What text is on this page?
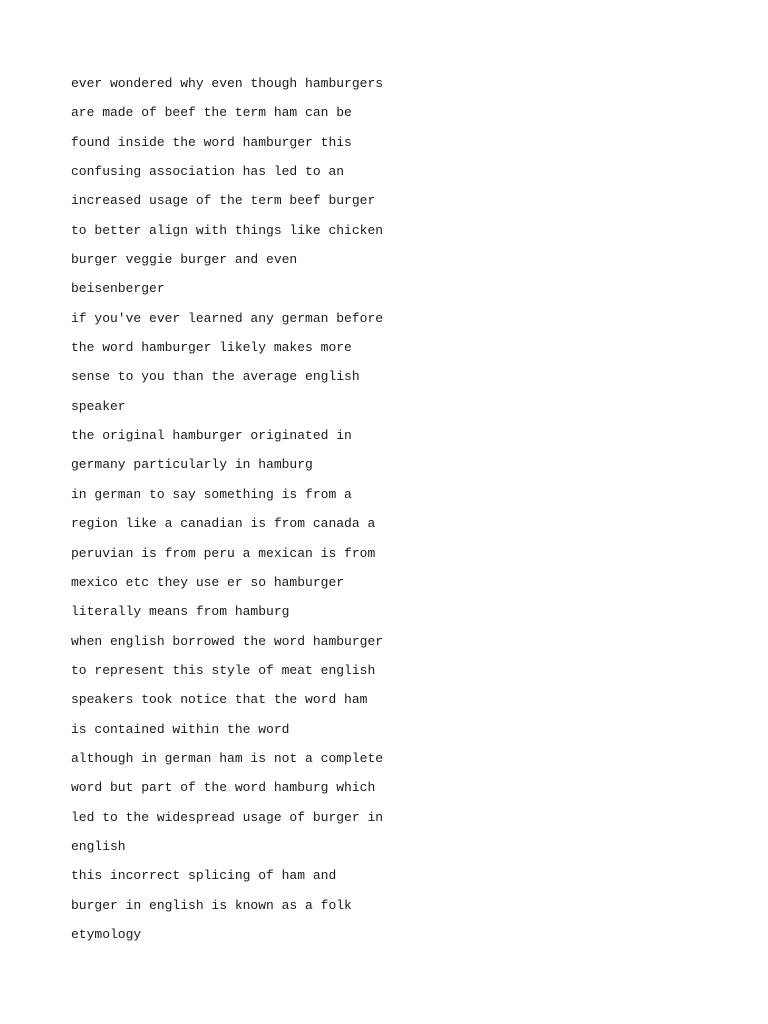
ever wondered why even though hamburgers

are made of beef the term ham can be

found inside the word hamburger this

confusing association has led to an

increased usage of the term beef burger

to better align with things like chicken

burger veggie burger and even

beisenberger

if you've ever learned any german before

the word hamburger likely makes more

sense to you than the average english

speaker

the original hamburger originated in

germany particularly in hamburg

in german to say something is from a

region like a canadian is from canada a

peruvian is from peru a mexican is from

mexico etc they use er so hamburger

literally means from hamburg

when english borrowed the word hamburger

to represent this style of meat english

speakers took notice that the word ham

is contained within the word

although in german ham is not a complete

word but part of the word hamburg which

led to the widespread usage of burger in

english

this incorrect splicing of ham and

burger in english is known as a folk

etymology
